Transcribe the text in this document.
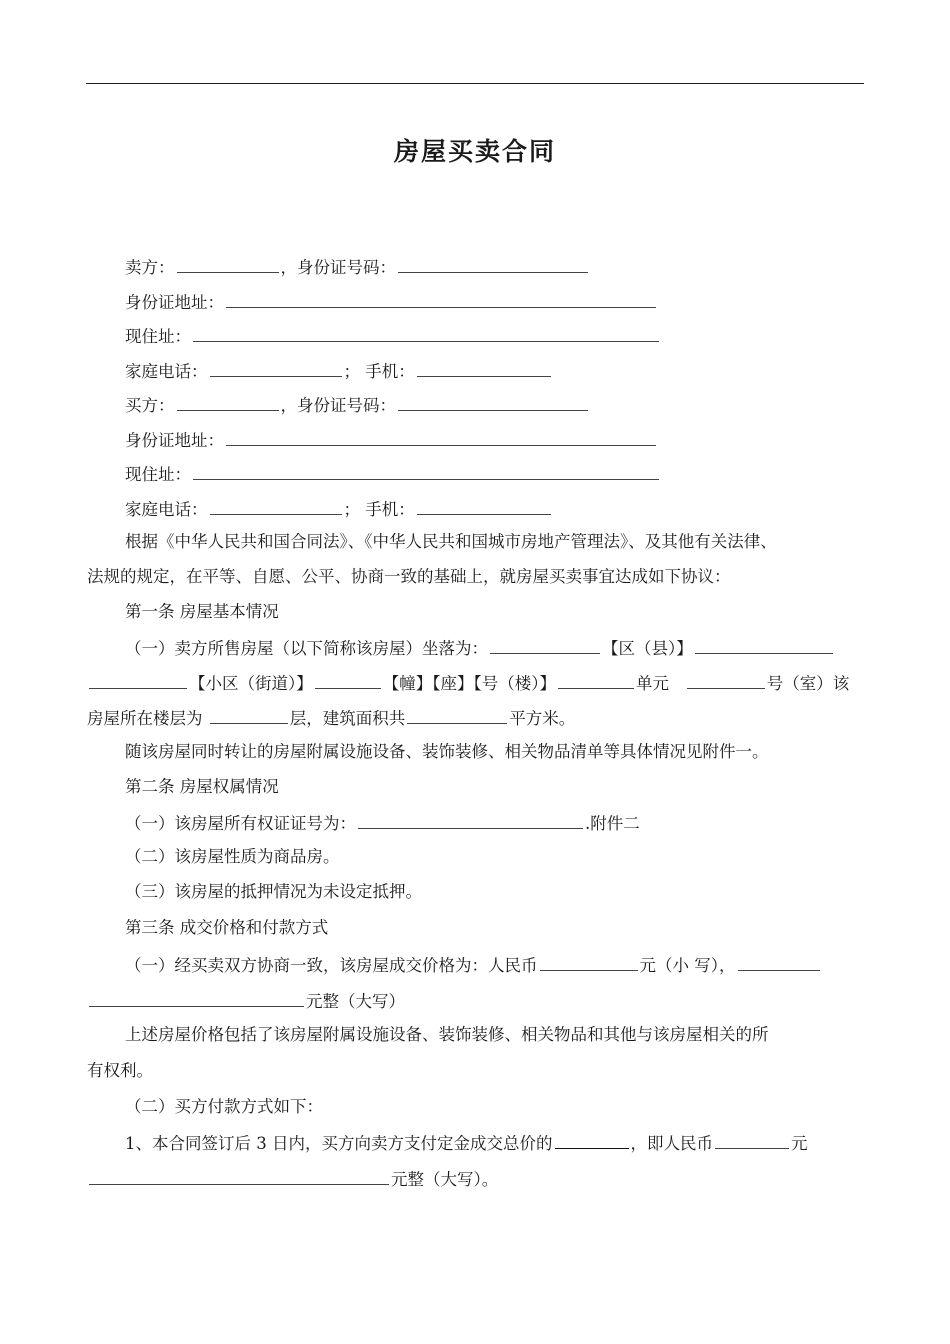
房屋买卖合同
卖方：	，身份证号码：
身份证地址：
现住址：
家庭电话：	； 手机：
买方：	，身份证号码：
身份证地址：
现住址：
家庭电话：	； 手机：
根据《中华人民共和国合同法》、《中华人民共和国城市房地产管理法》、及其他有关法律、
法规的规定，在平等、自愿、公平、协商一致的基础上，就房屋买卖事宜达成如下协议：
第一条 房屋基本情况
（一）卖方所售房屋（以下简称该房屋）坐落为：	【区（县）】
【小区（街道）】	【幢】【座】【号（楼）】	单元	号（室）该
房屋所在楼层为	层，建筑面积共	平方米。
随该房屋同时转让的房屋附属设施设备、装饰装修、相关物品清单等具体情况见附件一。
第二条 房屋权属情况
（一）该房屋所有权证证号为：	.附件二
（二）该房屋性质为商品房。
（三）该房屋的抵押情况为未设定抵押。
第三条 成交价格和付款方式
（一）经买卖双方协商一致，该房屋成交价格为：人民币	元（小 写），
元整（大写）
上述房屋价格包括了该房屋附属设施设备、装饰装修、相关物品和其他与该房屋相关的所
有权利。
（二）买方付款方式如下：
1、本合同签订后 3 日内，买方向卖方支付定金成交总价的	，即人民币	元
元整（大写）。
